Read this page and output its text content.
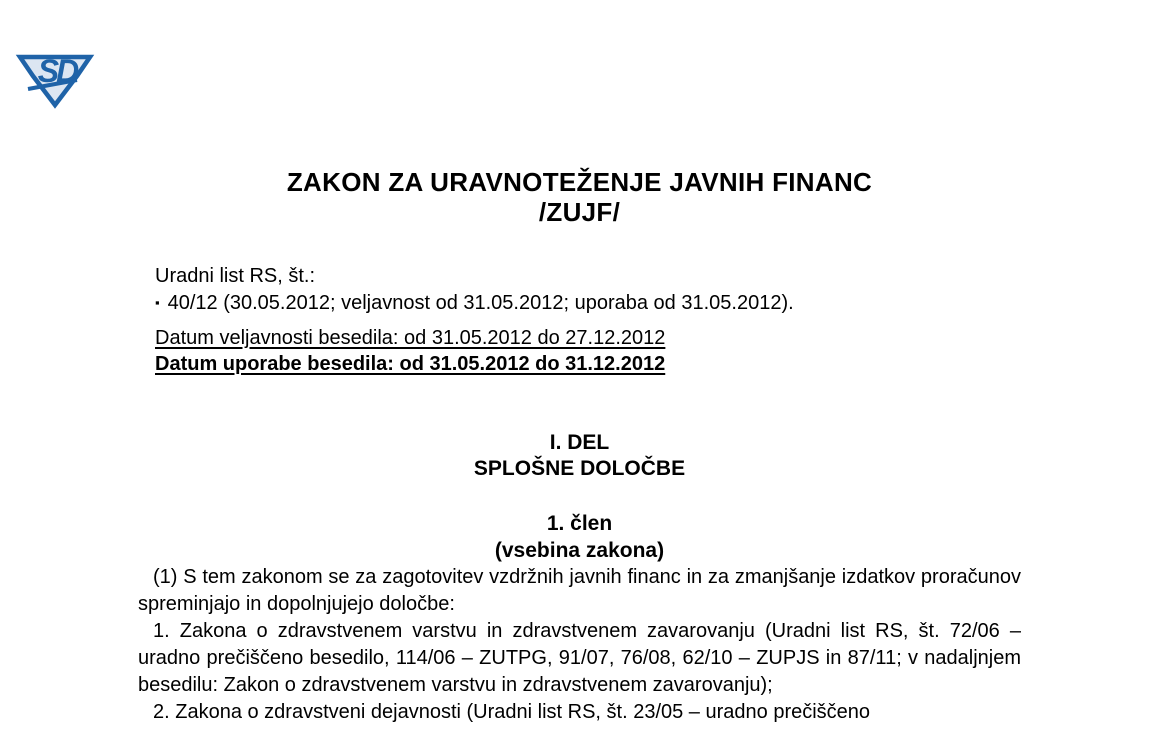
SD
ZAKON ZA URAVNOTEŽENJE JAVNIH FINANC
/ZUJF/
Uradni list RS, št.:
▪ 40/12 (30.05.2012; veljavnost od 31.05.2012; uporaba od 31.05.2012).
Datum veljavnosti besedila: od 31.05.2012 do 27.12.2012
Datum uporabe besedila: od 31.05.2012 do 31.12.2012
I. DEL
SPLOŠNE DOLOČBE
1. člen
(vsebina zakona)

(1) S tem zakonom se za zagotovitev vzdržnih javnih financ in za zmanjšanje izdatkov proračunov spreminjajo in dopolnjujejo določbe:

1. Zakona o zdravstvenem varstvu in zdravstvenem zavarovanju (Uradni list RS, št. 72/06 – uradno prečiščeno besedilo, 114/06 – ZUTPG, 91/07, 76/08, 62/10 – ZUPJS in 87/11; v nadaljnjem besedilu: Zakon o zdravstvenem varstvu in zdravstvenem zavarovanju);

2. Zakona o zdravstveni dejavnosti (Uradni list RS, št. 23/05 – uradno prečiščeno
